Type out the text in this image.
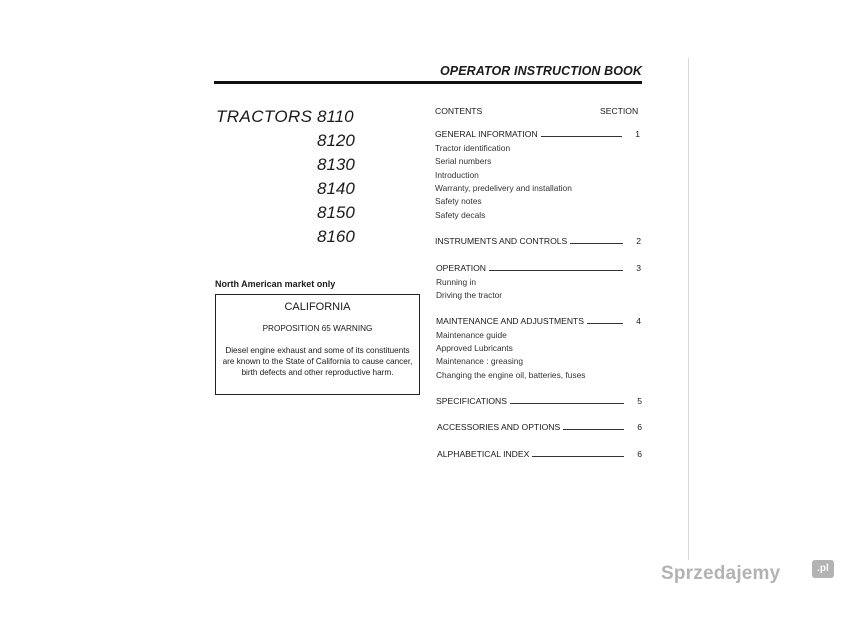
OPERATOR INSTRUCTION BOOK
TRACTORS 8110
8120
8130
8140
8150
8160
North American market only
CALIFORNIA
PROPOSITION 65 WARNING
Diesel engine exhaust and some of its constituents are known to the State of California to cause cancer, birth defects and other reproductive harm.
CONTENTS	SECTION
GENERAL INFORMATION	1
Tractor identification
Serial numbers
Introduction
Warranty, predelivery and installation
Safety notes
Safety decals
INSTRUMENTS AND CONTROLS	2
OPERATION	3
Running in
Driving the tractor
MAINTENANCE AND ADJUSTMENTS	4
Maintenance guide
Approved Lubricants
Maintenance : greasing
Changing the engine oil, batteries, fuses
SPECIFICATIONS	5
ACCESSORIES AND OPTIONS	6
ALPHABETICAL INDEX	6
Sprzedajemy	.pl
